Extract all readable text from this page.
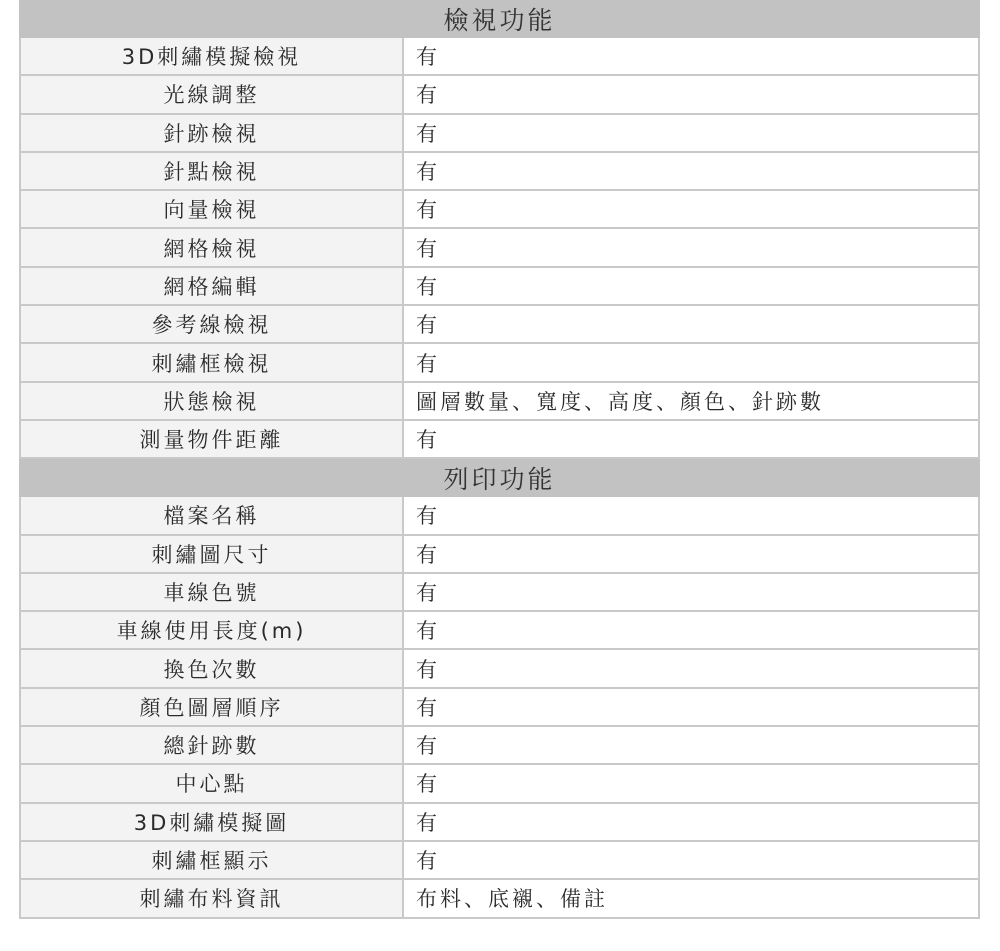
檢視功能
3D刺繡模擬檢視	有
光線調整	有
針跡檢視	有
針點檢視	有
向量檢視	有
網格檢視	有
網格編輯	有
參考線檢視	有
刺繡框檢視	有
狀態檢視	圖層數量、寬度、高度、顏色、針跡數
測量物件距離	有
列印功能
檔案名稱	有
刺繡圖尺寸	有
車線色號	有
車線使用長度(m)	有
換色次數	有
顏色圖層順序	有
總針跡數	有
中心點	有
3D刺繡模擬圖	有
刺繡框顯示	有
刺繡布料資訊	布料、底襯、備註
